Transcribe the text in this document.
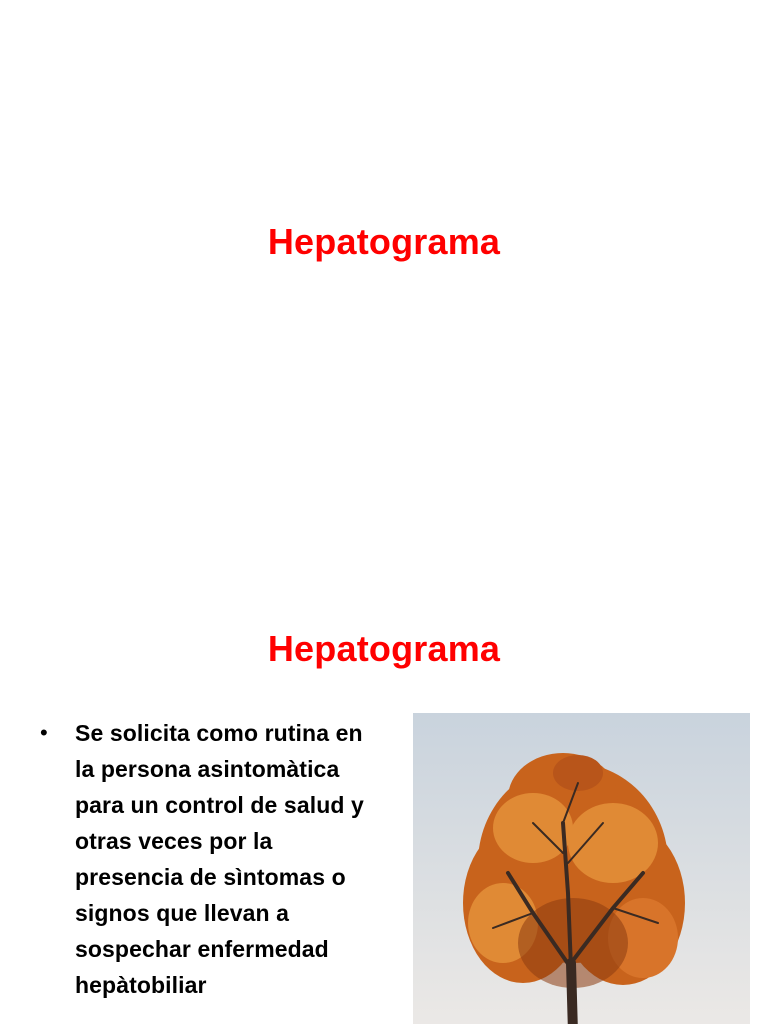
Hepatograma
Hepatograma
• Se solicita como rutina en la persona asintomàtica para un control de salud y otras veces por la presencia de sìntomas o signos que llevan a sospechar enfermedad hepàtobiliar
